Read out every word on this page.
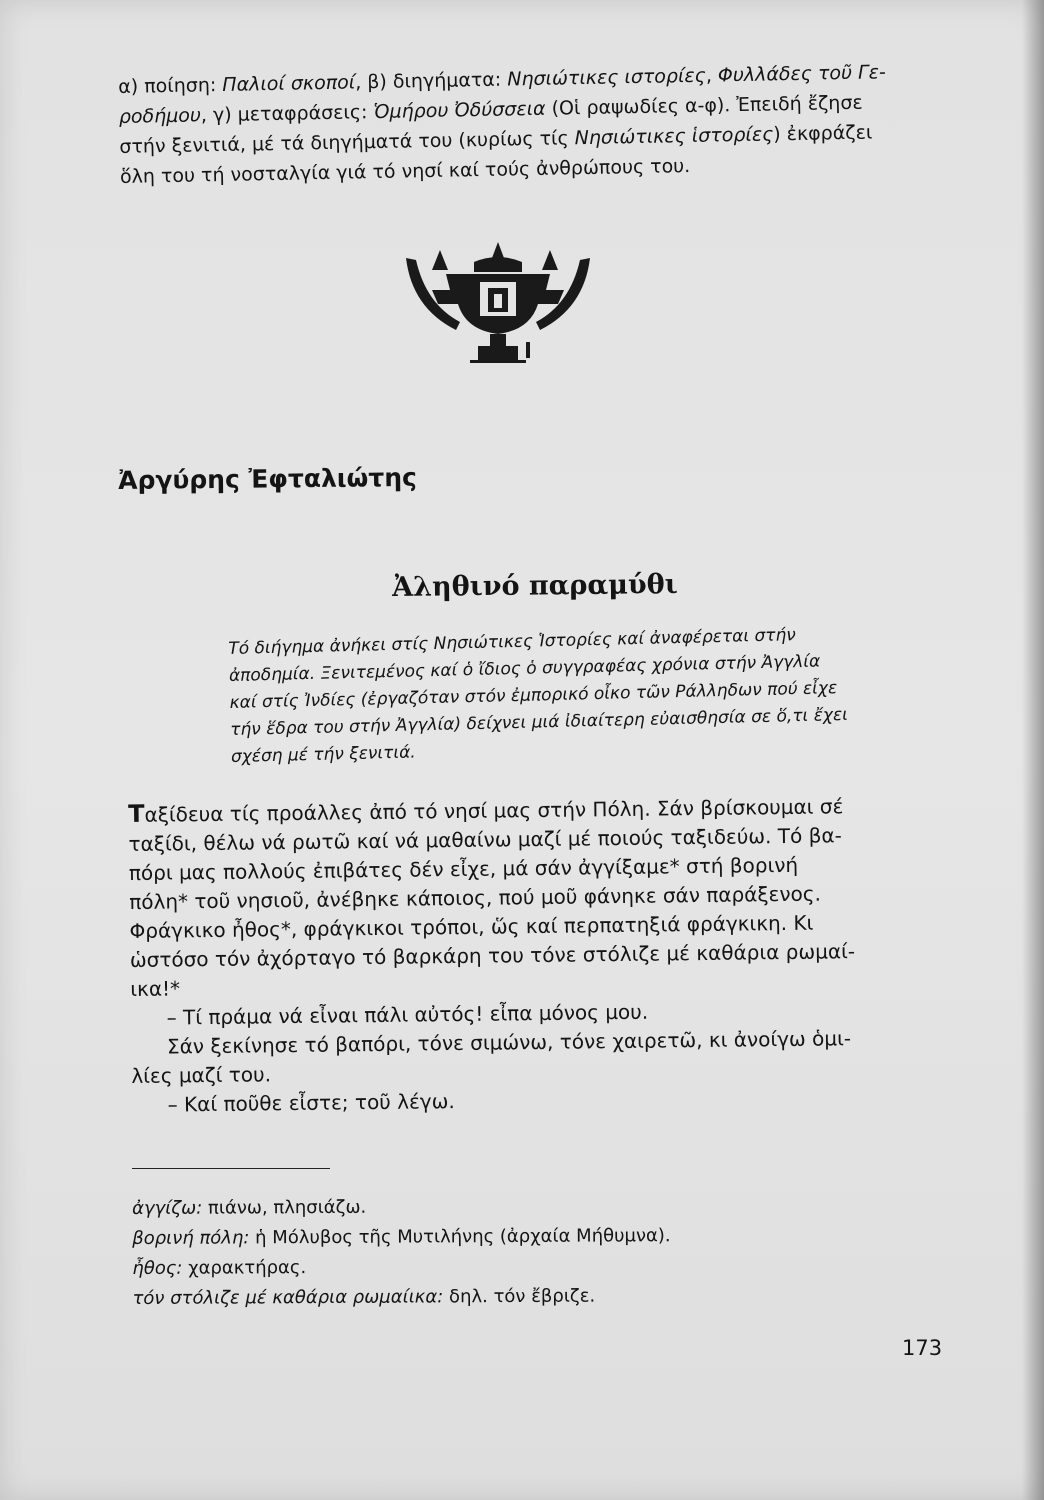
α) ποίηση: Παλιοί σκοποί, β) διηγήματα: Νησιώτικες ιστορίες, Φυλλάδες τοῦ Γε-

ροδήμου, γ) μεταφράσεις: Ὁμήρου Ὀδύσσεια (Οἱ ραψωδίες α-φ). Ἐπειδή ἔζησε

στήν ξενιτιά, μέ τά διηγήματά του (κυρίως τίς Νησιώτικες ἱστορίες) ἐκφράζει

ὅλη του τή νοσταλγία γιά τό νησί καί τούς ἀνθρώπους του.

Ἀργύρης Ἐφταλιώτης
Ἀληθινό παραμύθι

Τό διήγημα ἀνήκει στίς Νησιώτικες Ἱστορίες καί ἀναφέρεται στήν

ἀποδημία. Ξενιτεμένος καί ὁ ἴδιος ὁ συγγραφέας χρόνια στήν Ἀγγλία

καί στίς Ἰνδίες (ἐργαζόταν στόν ἐμπορικό οἶκο τῶν Ράλληδων πού εἶχε

τήν ἕδρα του στήν Ἀγγλία) δείχνει μιά ἰδιαίτερη εὐαισθησία σε ὅ,τι ἔχει

σχέση μέ τήν ξενιτιά.

Ταξίδευα τίς προάλλες ἀπό τό νησί μας στήν Πόλη. Σάν βρίσκουμαι σέ

ταξίδι, θέλω νά ρωτῶ καί νά μαθαίνω μαζί μέ ποιούς ταξιδεύω. Τό βα-

πόρι μας πολλούς ἐπιβάτες δέν εἶχε, μά σάν ἀγγίξαμε* στή βορινή

πόλη* τοῦ νησιοῦ, ἀνέβηκε κάποιος, πού μοῦ φάνηκε σάν παράξενος.

Φράγκικο ἦθος*, φράγκικοι τρόποι, ὥς καί περπατηξιά φράγκικη. Κι

ὡστόσο τόν ἀχόρταγο τό βαρκάρη του τόνε στόλιζε μέ καθάρια ρωμαί-

ικα!*

– Τί πράμα νά εἶναι πάλι αὐτός! εἶπα μόνος μου.

Σάν ξεκίνησε τό βαπόρι, τόνε σιμώνω, τόνε χαιρετῶ, κι ἀνοίγω ὁμι-

λίες μαζί του.

– Καί ποῦθε εἶστε; τοῦ λέγω.

ἀγγίζω: πιάνω, πλησιάζω.

βορινή πόλη: ἡ Μόλυβος τῆς Μυτιλήνης (ἀρχαία Μήθυμνα).

ἦθος: χαρακτήρας.

τόν στόλιζε μέ καθάρια ρωμαίικα: δηλ. τόν ἔβριζε.

173
